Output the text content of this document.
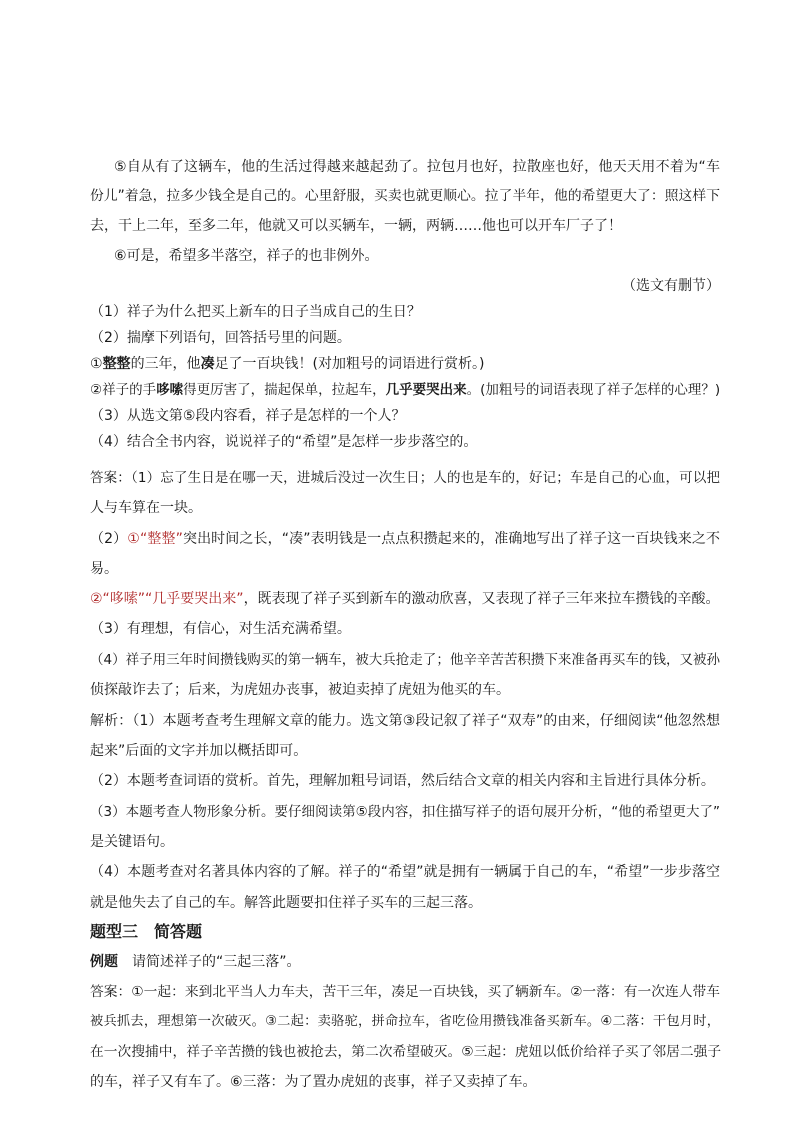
⑤自从有了这辆车，他的生活过得越来越起劲了。拉包月也好，拉散座也好，他天天用不着为“车
份儿”着急，拉多少钱全是自己的。心里舒服，买卖也就更顺心。拉了半年，他的希望更大了：照这样下
去，干上二年，至多二年，他就又可以买辆车，一辆，两辆……他也可以开车厂子了！
⑥可是，希望多半落空，祥子的也非例外。
（选文有删节）
（1）祥子为什么把买上新车的日子当成自己的生日？
（2）揣摩下列语句，回答括号里的问题。
①整整的三年，他凑足了一百块钱！(对加粗号的词语进行赏析。)
②祥子的手哆嗦得更厉害了，揣起保单，拉起车，几乎要哭出来。(加粗号的词语表现了祥子怎样的心理？)
（3）从选文第⑤段内容看，祥子是怎样的一个人？
（4）结合全书内容，说说祥子的“希望”是怎样一步步落空的。
答案：（1）忘了生日是在哪一天，进城后没过一次生日；人的也是车的，好记；车是自己的心血，可以把
人与车算在一块。
（2）①“整整”突出时间之长，“凑”表明钱是一点点积攒起来的，准确地写出了祥子这一百块钱来之不
易。
②“哆嗦”“几乎要哭出来”，既表现了祥子买到新车的激动欣喜，又表现了祥子三年来拉车攒钱的辛酸。
（3）有理想，有信心，对生活充满希望。
（4）祥子用三年时间攒钱购买的第一辆车，被大兵抢走了；他辛辛苦苦积攒下来准备再买车的钱，又被孙
侦探敲诈去了；后来，为虎妞办丧事，被迫卖掉了虎妞为他买的车。
解析：（1）本题考查考生理解文章的能力。选文第③段记叙了祥子“双寿”的由来，仔细阅读“他忽然想
起来”后面的文字并加以概括即可。
（2）本题考查词语的赏析。首先，理解加粗号词语，然后结合文章的相关内容和主旨进行具体分析。
（3）本题考查人物形象分析。要仔细阅读第⑤段内容，扣住描写祥子的语句展开分析，“他的希望更大了”
是关键语句。
（4）本题考查对名著具体内容的了解。祥子的“希望”就是拥有一辆属于自己的车，“希望”一步步落空
就是他失去了自己的车。解答此题要扣住祥子买车的三起三落。
题型三　简答题
例题　请简述祥子的“三起三落”。
答案：①一起：来到北平当人力车夫，苦干三年，凑足一百块钱，买了辆新车。②一落：有一次连人带车
被兵抓去，理想第一次破灭。③二起：卖骆驼，拼命拉车，省吃俭用攒钱准备买新车。④二落：干包月时，
在一次搜捕中，祥子辛苦攒的钱也被抢去，第二次希望破灭。⑤三起：虎妞以低价给祥子买了邻居二强子
的车，祥子又有车了。⑥三落：为了置办虎妞的丧事，祥子又卖掉了车。
